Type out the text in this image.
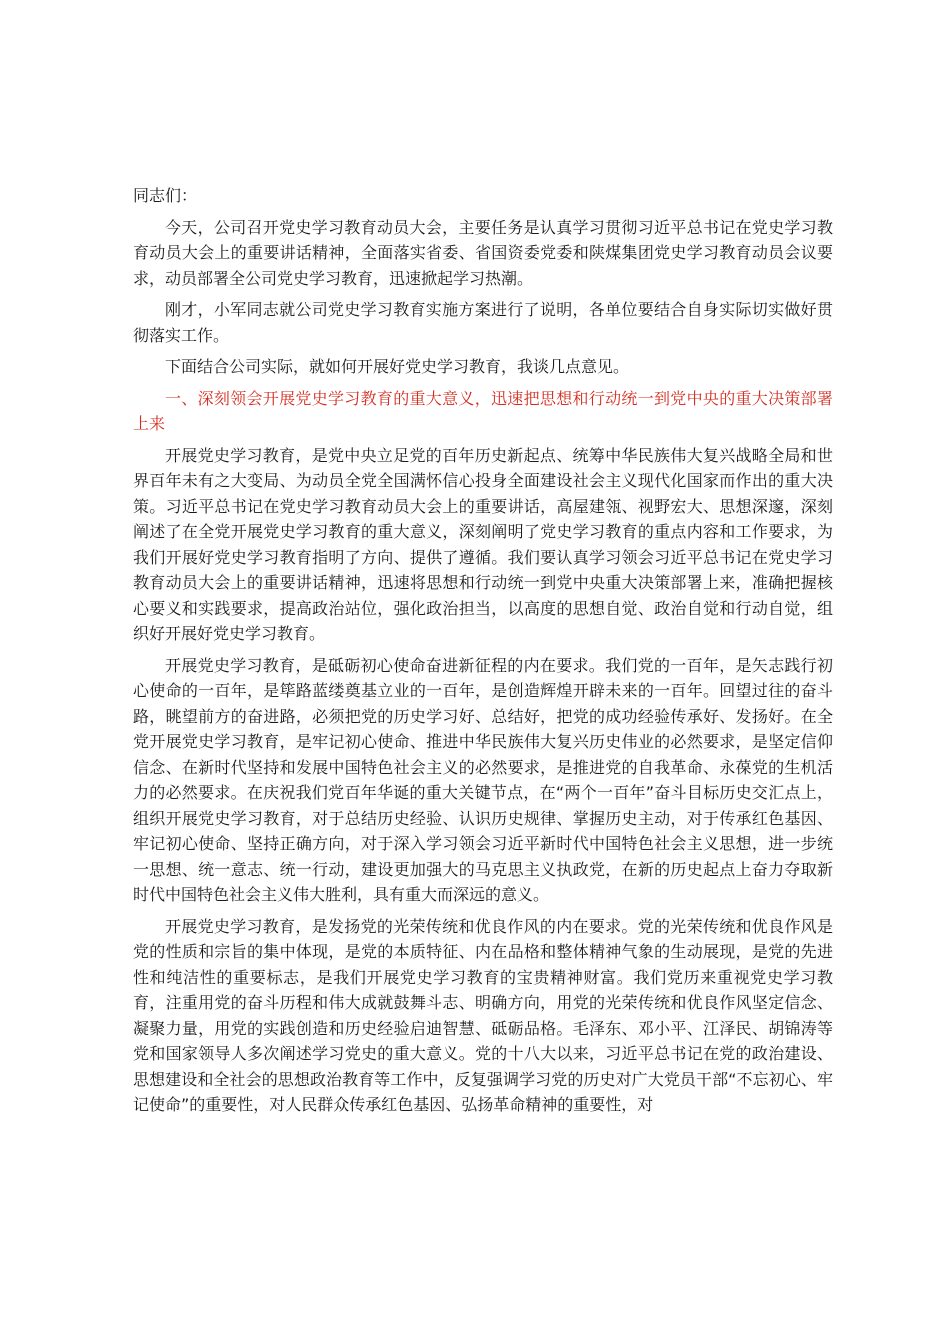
同志们：

今天，公司召开党史学习教育动员大会，主要任务是认真学习贯彻习近平总书记在党史学习教育动员大会上的重要讲话精神，全面落实省委、省国资委党委和陕煤集团党史学习教育动员会议要求，动员部署全公司党史学习教育，迅速掀起学习热潮。

刚才，小军同志就公司党史学习教育实施方案进行了说明，各单位要结合自身实际切实做好贯彻落实工作。

下面结合公司实际，就如何开展好党史学习教育，我谈几点意见。

一、深刻领会开展党史学习教育的重大意义，迅速把思想和行动统一到党中央的重大决策部署上来

开展党史学习教育，是党中央立足党的百年历史新起点、统筹中华民族伟大复兴战略全局和世界百年未有之大变局、为动员全党全国满怀信心投身全面建设社会主义现代化国家而作出的重大决策。习近平总书记在党史学习教育动员大会上的重要讲话，高屋建瓴、视野宏大、思想深邃，深刻阐述了在全党开展党史学习教育的重大意义，深刻阐明了党史学习教育的重点内容和工作要求，为我们开展好党史学习教育指明了方向、提供了遵循。我们要认真学习领会习近平总书记在党史学习教育动员大会上的重要讲话精神，迅速将思想和行动统一到党中央重大决策部署上来，准确把握核心要义和实践要求，提高政治站位，强化政治担当，以高度的思想自觉、政治自觉和行动自觉，组织好开展好党史学习教育。

开展党史学习教育，是砥砺初心使命奋进新征程的内在要求。我们党的一百年，是矢志践行初心使命的一百年，是筚路蓝缕奠基立业的一百年，是创造辉煌开辟未来的一百年。回望过往的奋斗路，眺望前方的奋进路，必须把党的历史学习好、总结好，把党的成功经验传承好、发扬好。在全党开展党史学习教育，是牢记初心使命、推进中华民族伟大复兴历史伟业的必然要求，是坚定信仰信念、在新时代坚持和发展中国特色社会主义的必然要求，是推进党的自我革命、永葆党的生机活力的必然要求。在庆祝我们党百年华诞的重大关键节点，在“两个一百年”奋斗目标历史交汇点上，组织开展党史学习教育，对于总结历史经验、认识历史规律、掌握历史主动，对于传承红色基因、牢记初心使命、坚持正确方向，对于深入学习领会习近平新时代中国特色社会主义思想，进一步统一思想、统一意志、统一行动，建设更加强大的马克思主义执政党，在新的历史起点上奋力夺取新时代中国特色社会主义伟大胜利，具有重大而深远的意义。

开展党史学习教育，是发扬党的光荣传统和优良作风的内在要求。党的光荣传统和优良作风是党的性质和宗旨的集中体现，是党的本质特征、内在品格和整体精神气象的生动展现，是党的先进性和纯洁性的重要标志，是我们开展党史学习教育的宝贵精神财富。我们党历来重视党史学习教育，注重用党的奋斗历程和伟大成就鼓舞斗志、明确方向，用党的光荣传统和优良作风坚定信念、凝聚力量，用党的实践创造和历史经验启迪智慧、砥砺品格。毛泽东、邓小平、江泽民、胡锦涛等党和国家领导人多次阐述学习党史的重大意义。党的十八大以来，习近平总书记在党的政治建设、思想建设和全社会的思想政治教育等工作中，反复强调学习党的历史对广大党员干部“不忘初心、牢记使命”的重要性，对人民群众传承红色基因、弘扬革命精神的重要性，对
